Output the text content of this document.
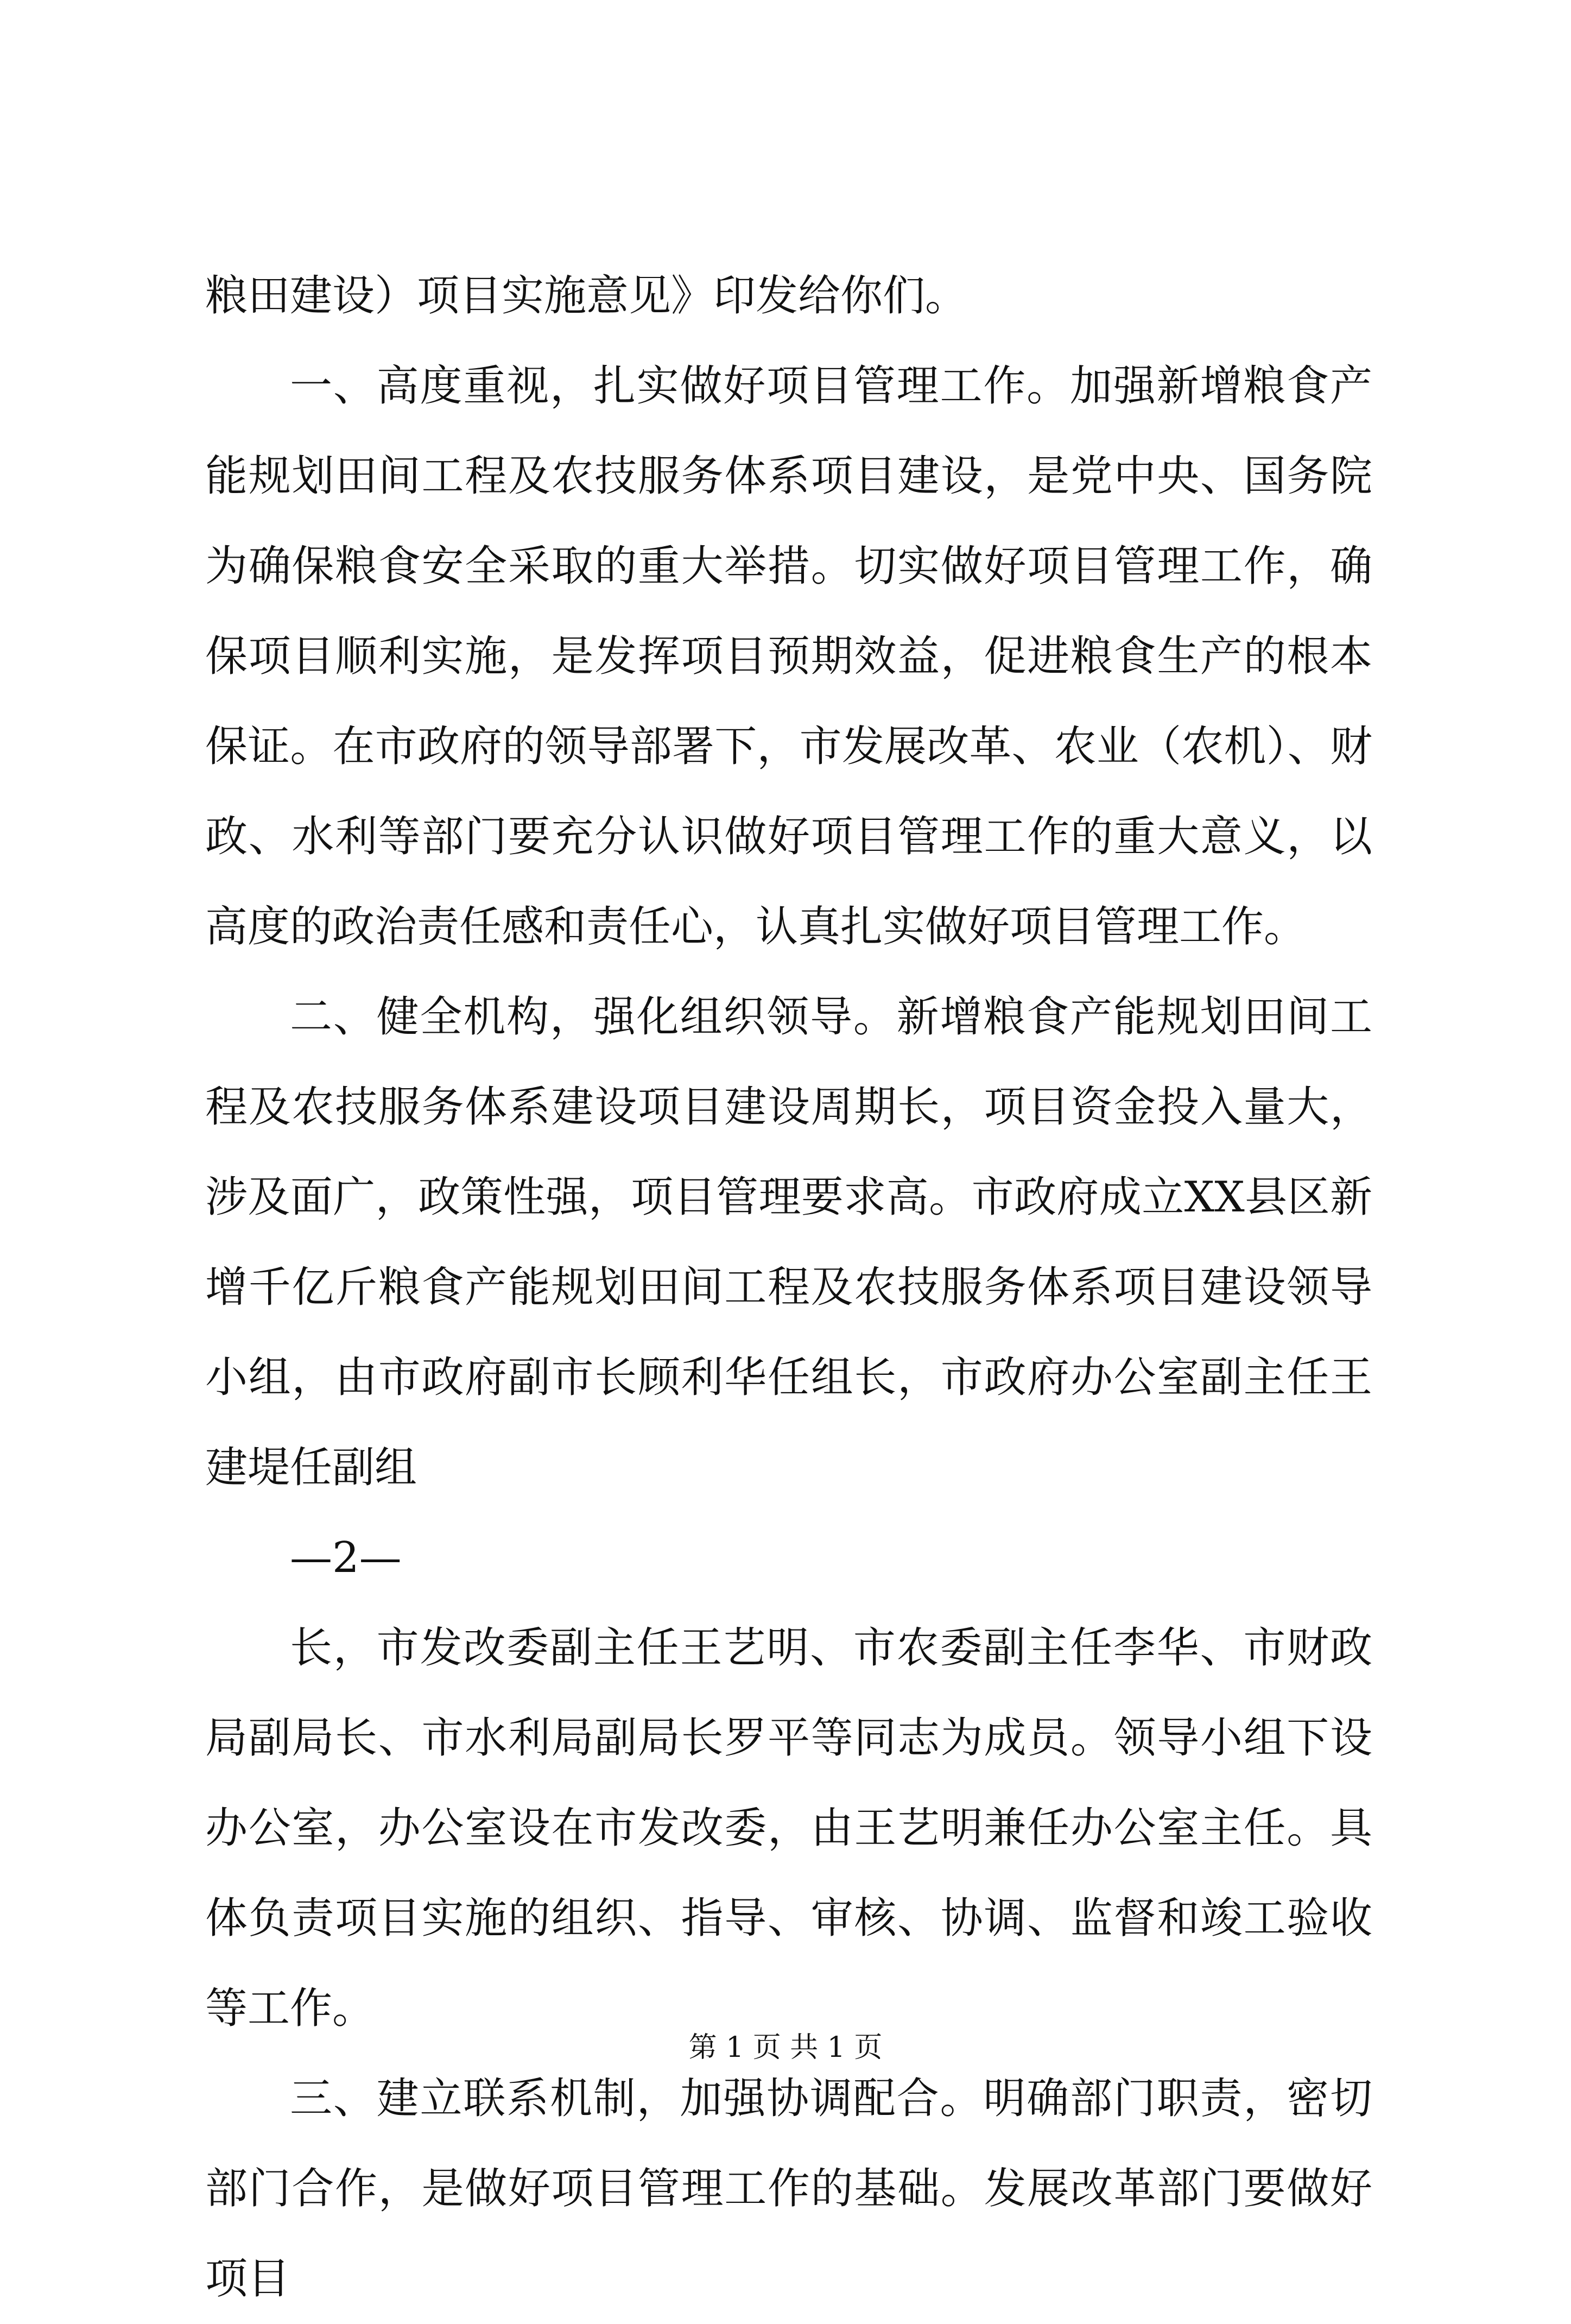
粮田建设）项目实施意见》印发给你们。

一、高度重视，扎实做好项目管理工作。加强新增粮食产能规划田间工程及农技服务体系项目建设，是党中央、国务院为确保粮食安全采取的重大举措。切实做好项目管理工作，确保项目顺利实施，是发挥项目预期效益，促进粮食生产的根本保证。在市政府的领导部署下，市发展改革、农业（农机）、财政、水利等部门要充分认识做好项目管理工作的重大意义，以高度的政治责任感和责任心，认真扎实做好项目管理工作。

二、健全机构，强化组织领导。新增粮食产能规划田间工程及农技服务体系建设项目建设周期长，项目资金投入量大，涉及面广，政策性强，项目管理要求高。市政府成立XX县区新增千亿斤粮食产能规划田间工程及农技服务体系项目建设领导小组，由市政府副市长顾利华任组长，市政府办公室副主任王建堤任副组

—2—

长，市发改委副主任王艺明、市农委副主任李华、市财政局副局长、市水利局副局长罗平等同志为成员。领导小组下设办公室，办公室设在市发改委，由王艺明兼任办公室主任。具体负责项目实施的组织、指导、审核、协调、监督和竣工验收等工作。

三、建立联系机制，加强协调配合。明确部门职责，密切部门合作，是做好项目管理工作的基础。发展改革部门要做好项目

第 1 页 共 1 页
